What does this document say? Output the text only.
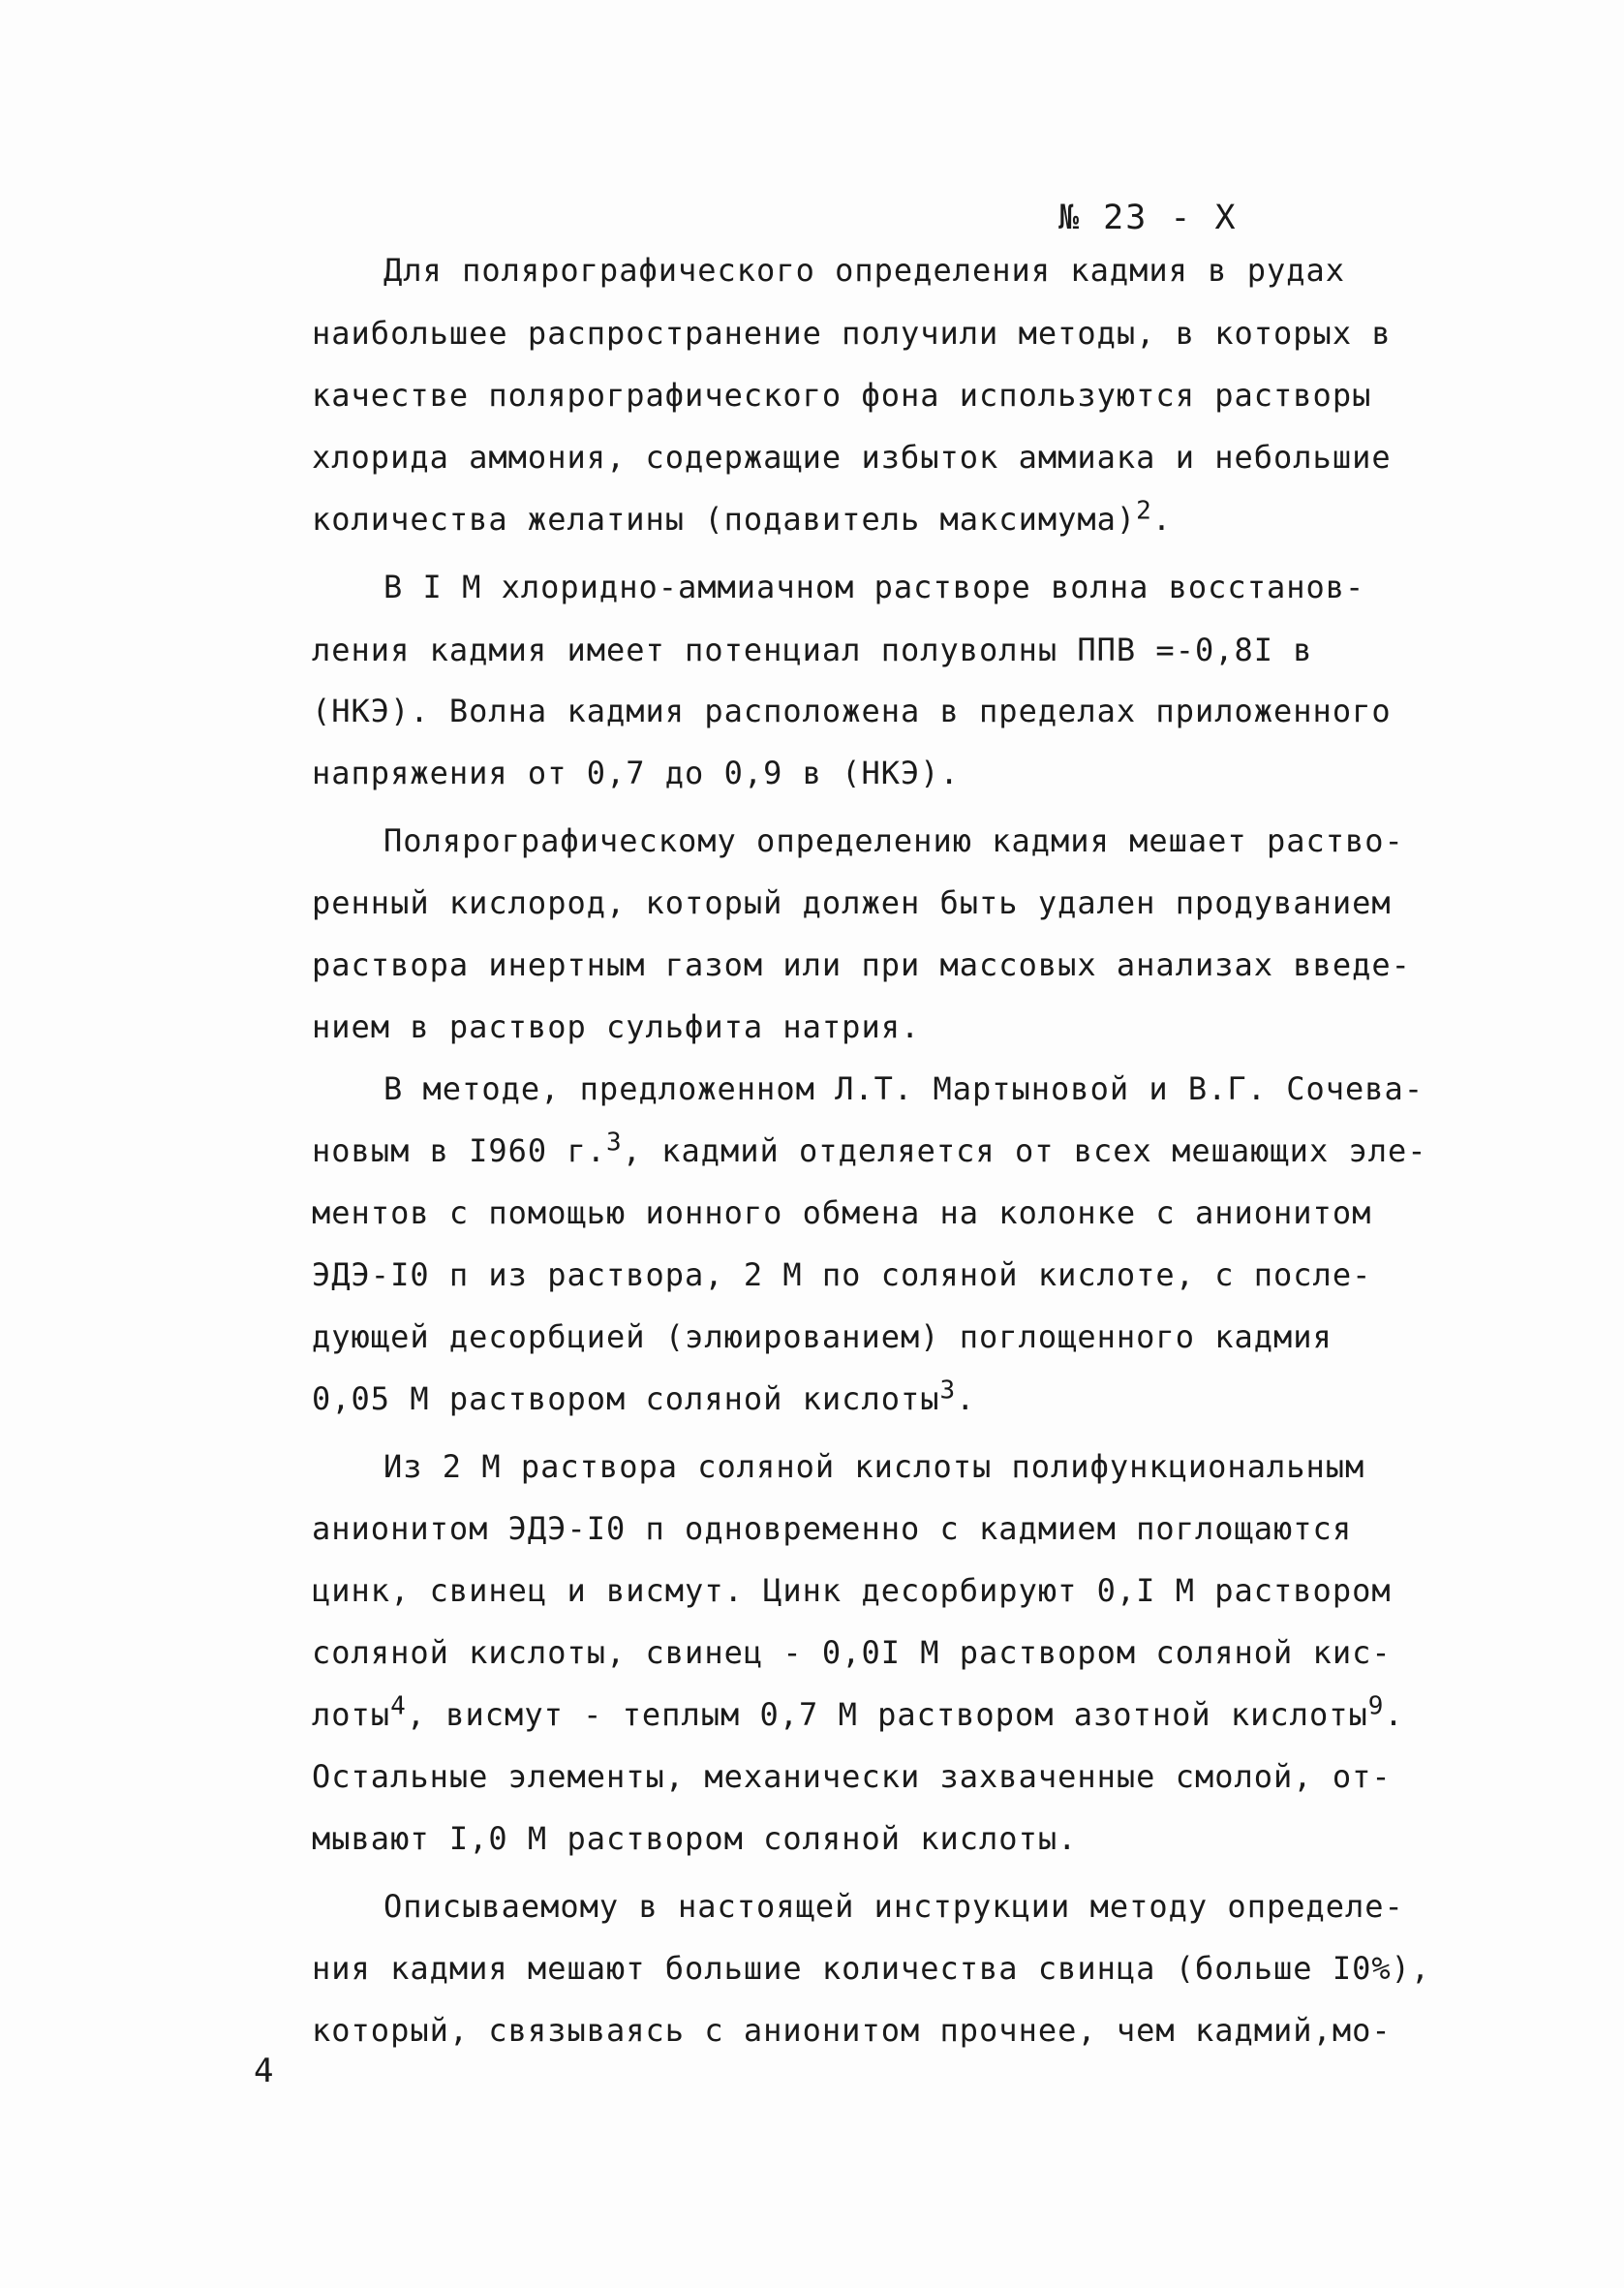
№ 23 - X

Для полярографического определения кадмия в рудах

наибольшее распространение получили методы, в которых в

качестве полярографического фона используются растворы

хлорида аммония, содержащие избыток аммиака и небольшие

количества желатины (подавитель максимума)$^2$.

В I М хлоридно-аммиачном растворе волна восстанов-

ления кадмия имеет потенциал полуволны ППВ =-0,8I в

(НКЭ). Волна кадмия расположена в пределах приложенного

напряжения от 0,7 до 0,9 в (НКЭ).

Полярографическому определению кадмия мешает раство-

ренный кислород, который должен быть удален продуванием

раствора инертным газом или при массовых анализах введе-

нием в раствор сульфита натрия.

В методе, предложенном Л.Т. Мартыновой и В.Г. Сочева-

новым в I960 г.$^3$, кадмий отделяется от всех мешающих эле-

ментов с помощью ионного обмена на колонке с анионитом

ЭДЭ-I0 п из раствора, 2 М по соляной кислоте, с после-

дующей десорбцией (элюированием) поглощенного кадмия

0,05 М раствором соляной кислоты$^3$.

Из 2 М раствора соляной кислоты полифункциональным

анионитом ЭДЭ-I0 п одновременно с кадмием поглощаются

цинк, свинец и висмут. Цинк десорбируют 0,I М раствором

соляной кислоты, свинец - 0,0I М раствором соляной кис-

лоты$^4$, висмут - теплым 0,7 М раствором азотной кислоты$^9$.

Остальные элементы, механически захваченные смолой, от-

мывают I,0 М раствором соляной кислоты.

Описываемому в настоящей инструкции методу определе-

ния кадмия мешают большие количества свинца (больше I0%),

который, связываясь с анионитом прочнее, чем кадмий,мо-

4
